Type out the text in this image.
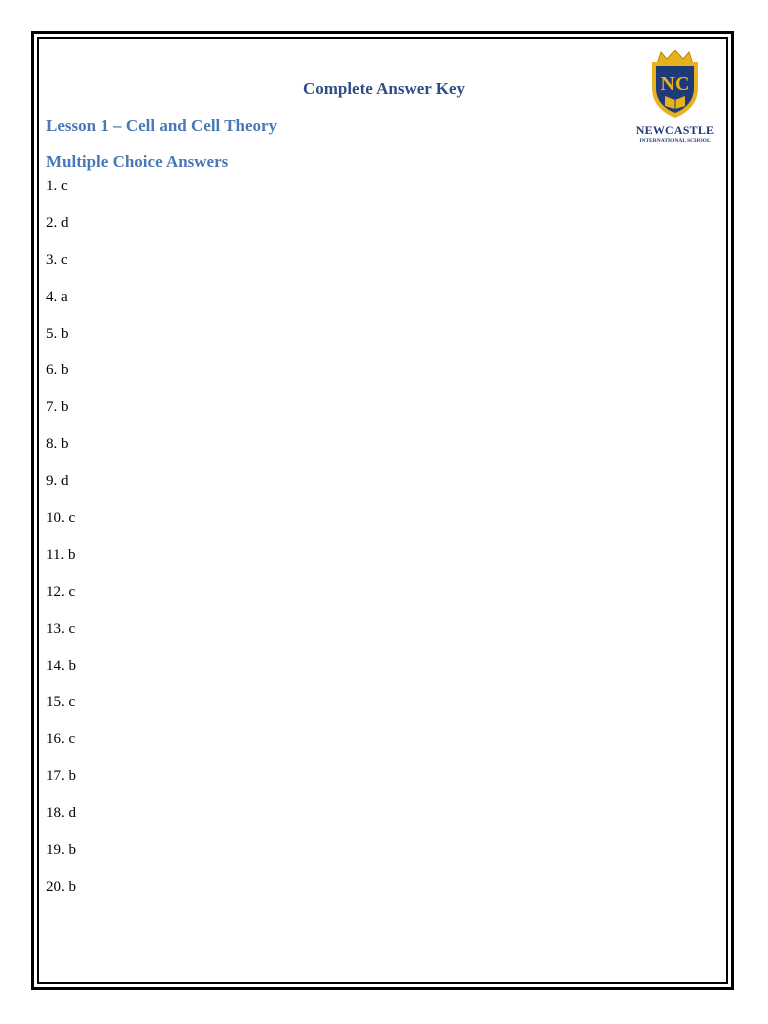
Complete Answer Key
Lesson 1 – Cell and Cell Theory
Multiple Choice Answers
1. c
2. d
3. c
4. a
5. b
6. b
7. b
8. b
9. d
10. c
11. b
12. c
13. c
14. b
15. c
16. c
17. b
18. d
19. b
20. b
NC
NEWCASTLE
INTERNATIONAL SCHOOL
